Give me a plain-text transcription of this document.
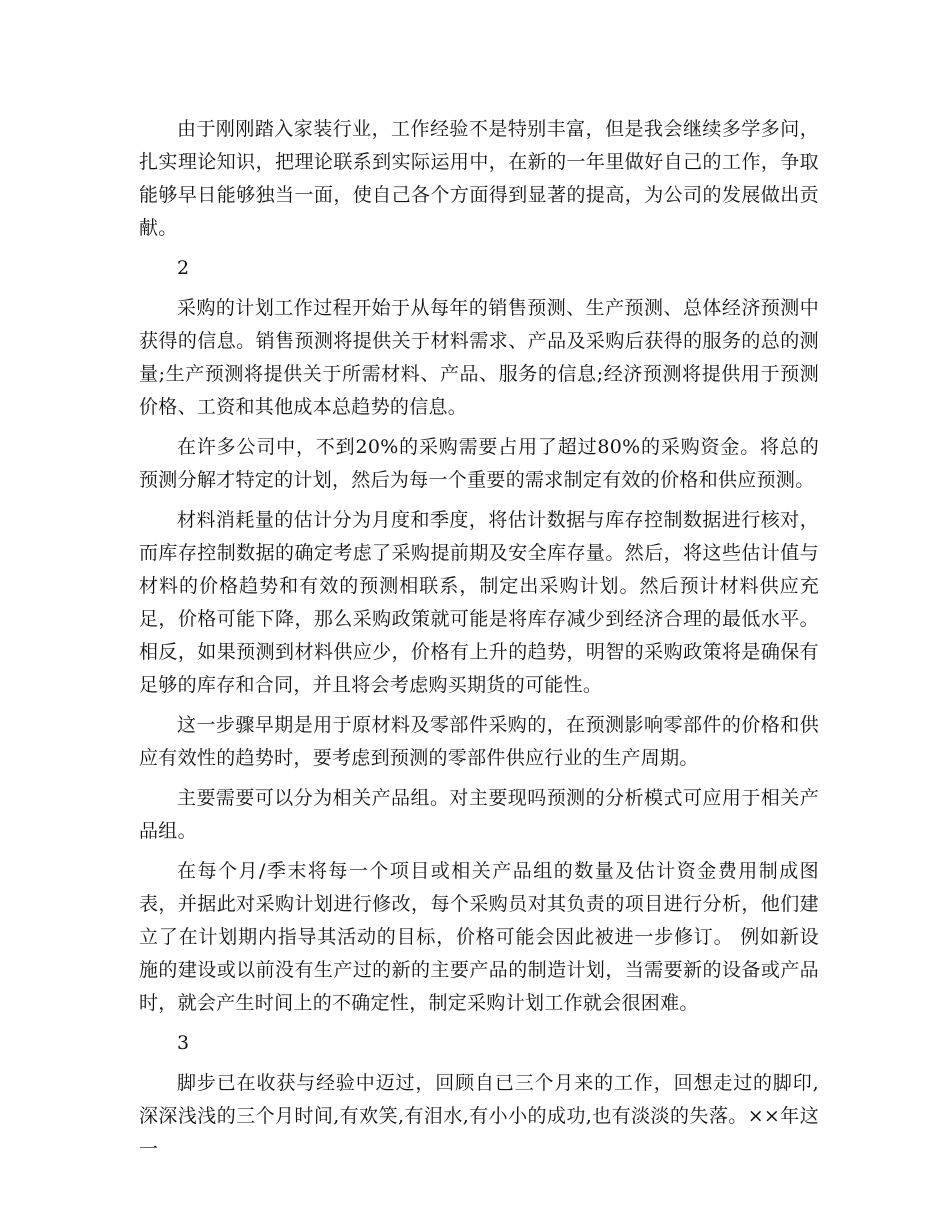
由于刚刚踏入家装行业，工作经验不是特别丰富，但是我会继续多学多问，扎实理论知识，把理论联系到实际运用中，在新的一年里做好自己的工作，争取能够早日能够独当一面，使自己各个方面得到显著的提高，为公司的发展做出贡献。

2

采购的计划工作过程开始于从每年的销售预测、生产预测、总体经济预测中获得的信息。销售预测将提供关于材料需求、产品及采购后获得的服务的总的测量;生产预测将提供关于所需材料、产品、服务的信息;经济预测将提供用于预测价格、工资和其他成本总趋势的信息。

在许多公司中，不到20%的采购需要占用了超过80%的采购资金。将总的预测分解才特定的计划，然后为每一个重要的需求制定有效的价格和供应预测。

材料消耗量的估计分为月度和季度，将估计数据与库存控制数据进行核对，而库存控制数据的确定考虑了采购提前期及安全库存量。然后，将这些估计值与材料的价格趋势和有效的预测相联系，制定出采购计划。然后预计材料供应充足，价格可能下降，那么采购政策就可能是将库存减少到经济合理的最低水平。相反，如果预测到材料供应少，价格有上升的趋势，明智的采购政策将是确保有足够的库存和合同，并且将会考虑购买期货的可能性。

这一步骤早期是用于原材料及零部件采购的，在预测影响零部件的价格和供应有效性的趋势时，要考虑到预测的零部件供应行业的生产周期。

主要需要可以分为相关产品组。对主要现吗预测的分析模式可应用于相关产品组。

在每个月/季末将每一个项目或相关产品组的数量及估计资金费用制成图表，并据此对采购计划进行修改，每个采购员对其负责的项目进行分析，他们建立了在计划期内指导其活动的目标，价格可能会因此被进一步修订。 例如新设施的建设或以前没有生产过的新的主要产品的制造计划，当需要新的设备或产品时，就会产生时间上的不确定性，制定采购计划工作就会很困难。

3

脚步已在收获与经验中迈过，回顾自已三个月来的工作，回想走过的脚印,深深浅浅的三个月时间,有欢笑,有泪水,有小小的成功,也有淡淡的失落。××年这一
